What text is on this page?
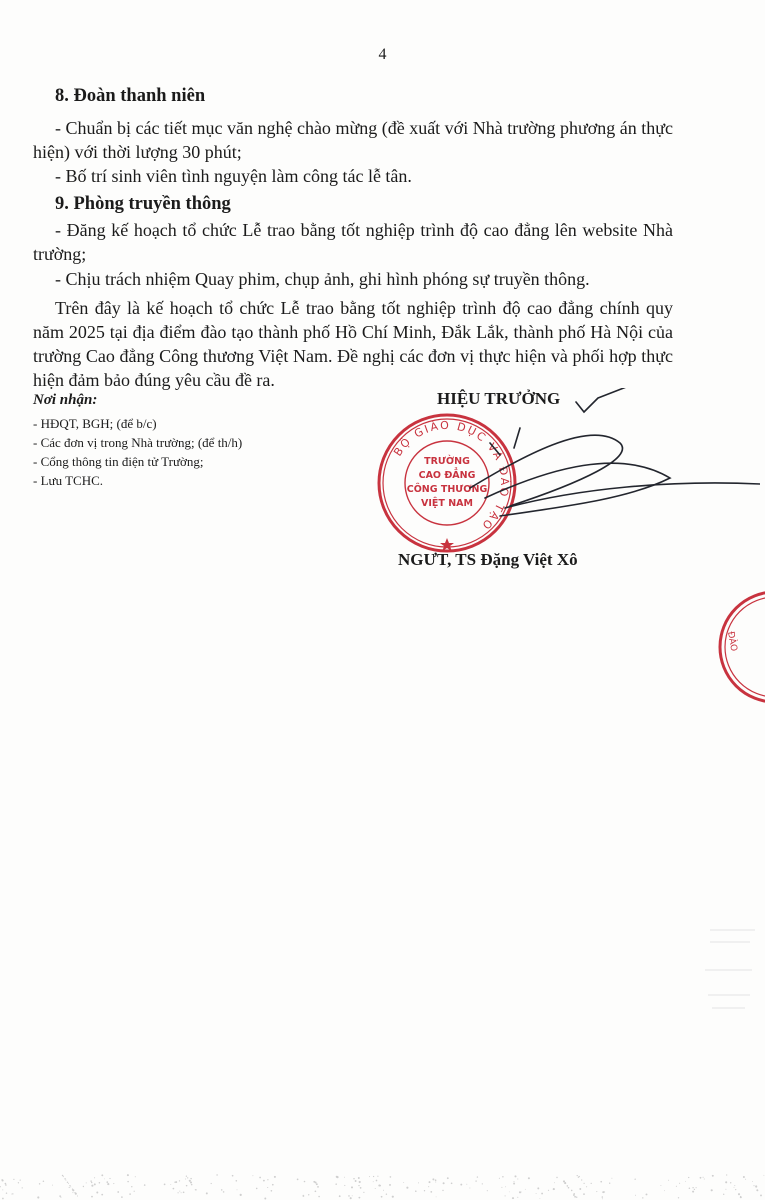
4
8. Đoàn thanh niên

- Chuẩn bị các tiết mục văn nghệ chào mừng (đề xuất với Nhà trường phương án thực hiện) với thời lượng 30 phút;

- Bố trí sinh viên tình nguyện làm công tác lễ tân.
9. Phòng truyền thông

- Đăng kế hoạch tổ chức Lễ trao bằng tốt nghiệp trình độ cao đẳng lên website Nhà trường;

- Chịu trách nhiệm Quay phim, chụp ảnh, ghi hình phóng sự truyền thông.

Trên đây là kế hoạch tổ chức Lễ trao bằng tốt nghiệp trình độ cao đẳng chính quy năm 2025 tại địa điểm đào tạo thành phố Hồ Chí Minh, Đắk Lắk, thành phố Hà Nội của trường Cao đẳng Công thương Việt Nam. Đề nghị các đơn vị thực hiện và phối hợp thực hiện đảm bảo đúng yêu cầu đề ra.

Nơi nhận:
- HĐQT, BGH; (để b/c)
- Các đơn vị trong Nhà trường; (để th/h)
- Cổng thông tin điện tử Trường;
- Lưu TCHC.
HIỆU TRƯỞNG
BỘ GIÁO DỤC VÀ ĐÀO TẠO
TRƯỜNG
CAO ĐẲNG
CÔNG THƯƠNG
VIỆT NAM
NGƯT, TS Đặng Việt Xô
ĐÀO
